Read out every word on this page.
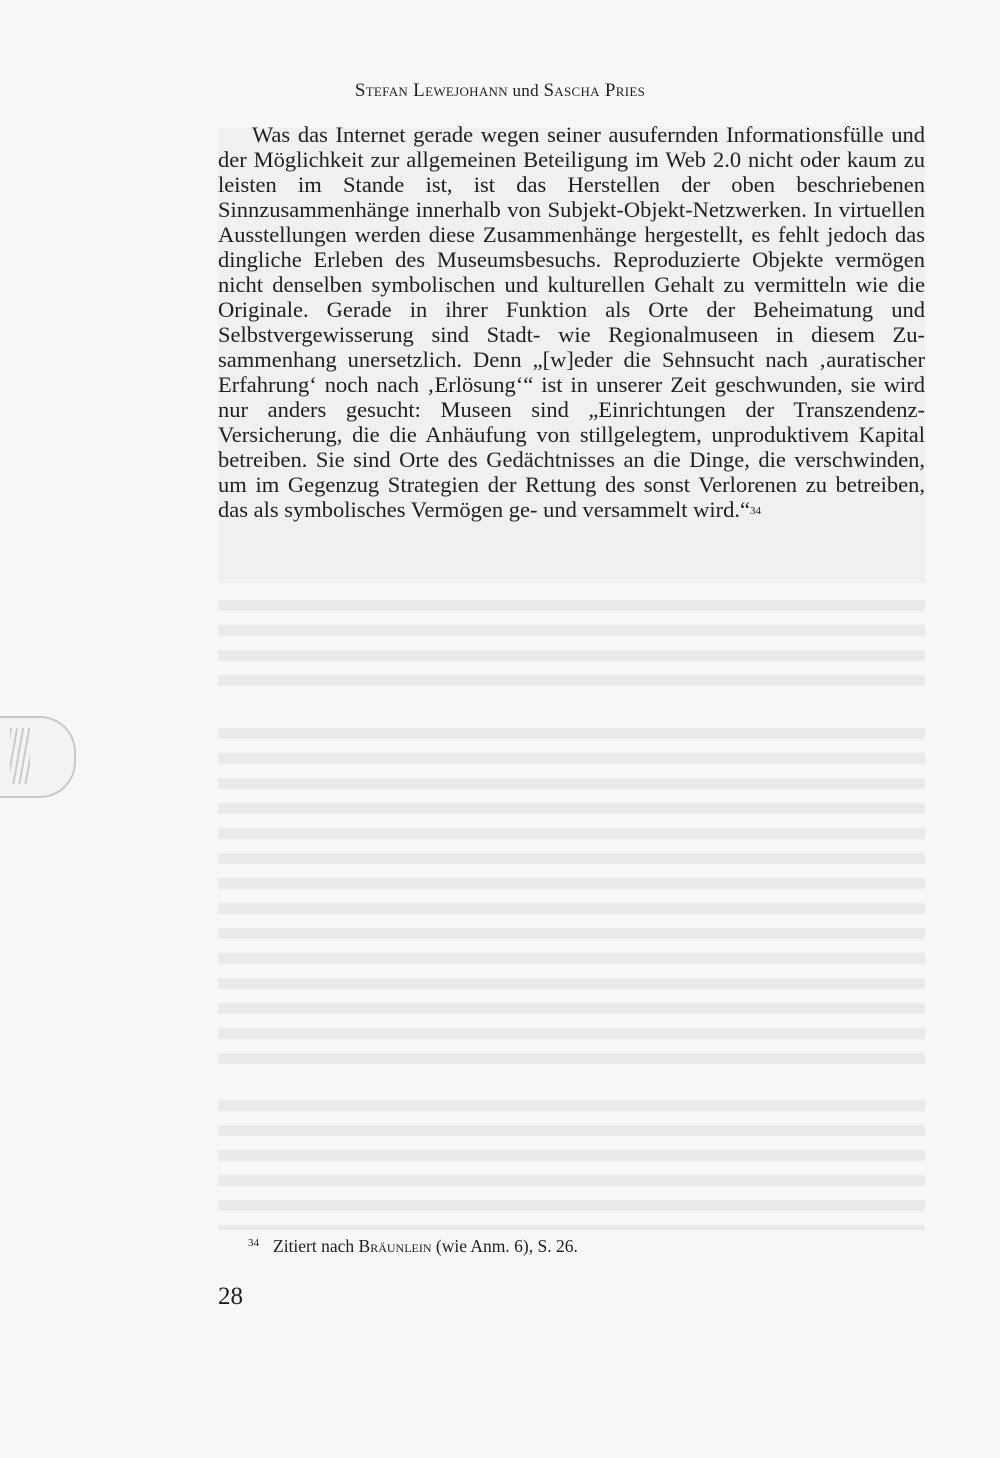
Stefan Lewejohann und Sascha Pries
Was das Internet gerade wegen seiner ausufernden Informationsfülle und der Möglichkeit zur allgemeinen Beteiligung im Web 2.0 nicht oder kaum zu leisten im Stande ist, ist das Herstellen der oben beschriebenen Sinnzusammenhänge innerhalb von Subjekt-Objekt-Netzwerken. In virtuellen Ausstellungen werden diese Zusammenhänge hergestellt, es fehlt jedoch das dingliche Erleben des Museumsbesuchs. Reproduzierte Objekte vermögen nicht denselben symbolischen und kulturellen Gehalt zu vermitteln wie die Originale. Gerade in ihrer Funktion als Orte der Beheimatung und Selbstvergewisserung sind Stadt- wie Regionalmuseen in diesem Zusammenhang unersetzlich. Denn „[w]eder die Sehnsucht nach ‚auratischer Erfahrung‘ noch nach ‚Erlösung‘“ ist in unserer Zeit geschwunden, sie wird nur anders gesucht: Museen sind „Einrichtungen der Transzendenz-Versicherung, die die Anhäufung von stillgelegtem, unproduktivem Kapital betreiben. Sie sind Orte des Gedächtnisses an die Dinge, die verschwinden, um im Gegenzug Strategien der Rettung des sonst Verlorenen zu betreiben, das als symbolisches Vermögen ge- und versammelt wird.“$^{34}$
$^{34}$ Zitiert nach Bräunlein (wie Anm. 6), S. 26.
28
